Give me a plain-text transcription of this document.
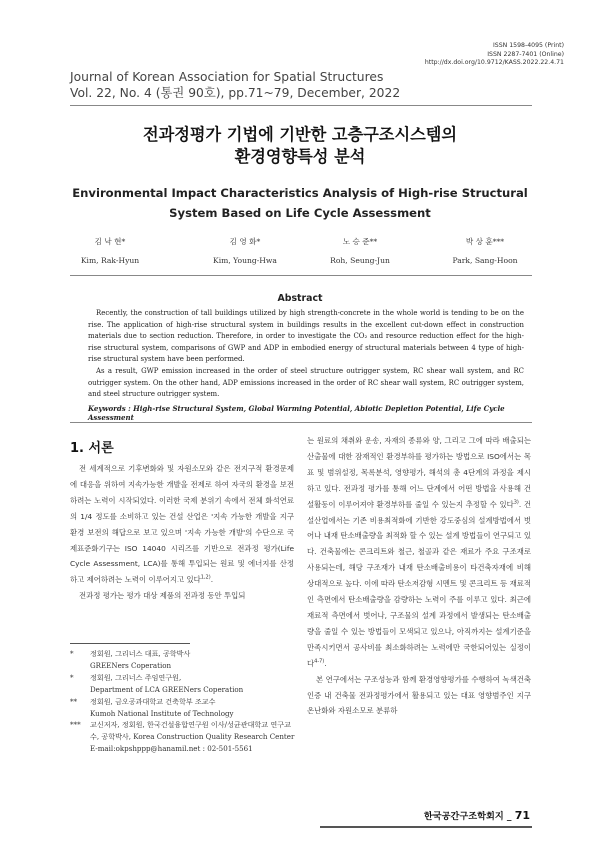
ISSN 1598-4095 (Print)
ISSN 2287-7401 (Online)
http://dx.doi.org/10.9712/KASS.2022.22.4.71
Journal of Korean Association for Spatial Structures
Vol. 22, No. 4 (통권 90호), pp.71~79, December, 2022
전과정평가 기법에 기반한 고층구조시스템의
환경영향특성 분석
Environmental Impact Characteristics Analysis of High-rise Structural
System Based on Life Cycle Assessment
김 낙 현*
Kim, Rak-Hyun
김 영 화*
Kim, Young-Hwa
노 승 준**
Roh, Seung-Jun
박 상 훈***
Park, Sang-Hoon
Abstract

Recently, the construction of tall buildings utilized by high strength-concrete in the whole world is tending to be on the rise. The application of high-rise structural system in buildings results in the excellent cut-down effect in construction materials due to section reduction. Therefore, in order to investigate the CO₂ and resource reduction effect for the high-rise structural system, comparisons of GWP and ADP in embodied energy of structural materials between 4 type of high-rise structural system have been performed.

As a result, GWP emission increased in the order of steel structure outrigger system, RC shear wall system, and RC outrigger system. On the other hand, ADP emissions increased in the order of RC shear wall system, RC outrigger system, and steel structure outrigger system.

Keywords : High-rise Structural System, Global Warming Potential, Abiotic Depletion Potential, Life Cycle Assessment
1. 서론

전 세계적으로 기후변화와 및 자원소모와 같은 전지구적 환경문제에 대응을 위하여 지속가능한 개발을 전제로 하여 자국의 환경을 보전하려는 노력이 시작되었다. 이러한 국제 분위기 속에서 전체 화석연료의 1/4 정도를 소비하고 있는 건설 산업은 '지속 가능한 개발을 지구 환경 보전의 해답으로 보고 있으며 '지속 가능한 개발'의 수단으로 국제표준화기구는 ISO 14040 시리즈를 기반으로 전과정 평가(Life Cycle Assessment, LCA)를 통해 투입되는 원료 및 에너지를 산정하고 제어하려는 노력이 이루어지고 있다$^{1,2)}$.

전과정 평가는 평가 대상 제품의 전과정 동안 투입되

는 원료의 채취와 운송, 자재의 종류와 양, 그리고 그에 따라 배출되는 산출물에 대한 잠재적인 환경부하를 평가하는 방법으로 ISO에서는 목표 및 범위설정, 목록분석, 영향평가, 해석의 총 4단계의 과정을 제시하고 있다. 전과정 평가를 통해 어느 단계에서 어떤 방법을 사용해 건설활동이 이루어져야 환경부하를 줄일 수 있는지 추정할 수 있다$^{3)}$. 건설산업에서는 기존 비용최적화에 기반한 강도중심의 설계방법에서 벗어나 내재 탄소배출량을 최적화 할 수 있는 설계 방법들이 연구되고 있다. 건축물에는 콘크리트와 철근, 철골과 같은 재료가 주요 구조재로 사용되는데, 해당 구조재가 내재 탄소배출비용이 타건축자재에 비해 상대적으로 높다. 이에 따라 탄소저감형 시멘트 및 콘크리트 등 재료적인 측면에서 탄소배출량을 감량하는 노력이 주를 이루고 있다. 최근에 재료적 측면에서 벗어나, 구조물의 설계 과정에서 발생되는 탄소배출량을 줄일 수 있는 방법들이 모색되고 있으나, 아직까지는 설계기준을 만족시키면서 공사비를 최소화하려는 노력에만 국한되어있는 실정이다$^{4-7)}$.

본 연구에서는 구조성능과 함께 환경영향평가를 수행하여 녹색건축인증 내 건축물 전과정평가에서 활용되고 있는 대표 영향범주인 지구온난화와 자원소모로 분류하

*	정회원, 그리너스 대표, 공학박사
GREENers Coperation
*	정회원, 그리너스 주임연구원,
Department of LCA GREENers Coperation
**	정회원, 금오공과대학교 건축학부 조교수
Kumoh National Institute of Technology
***	교신저자, 정회원, 한국건설융합연구원 이사/성균관대학교 연구교수, 공학박사, Korea Construction Quality Research Center
E-mail:okpshppp@hanamil.net : 02-501-5561
한국공간구조학회지 _ 71
